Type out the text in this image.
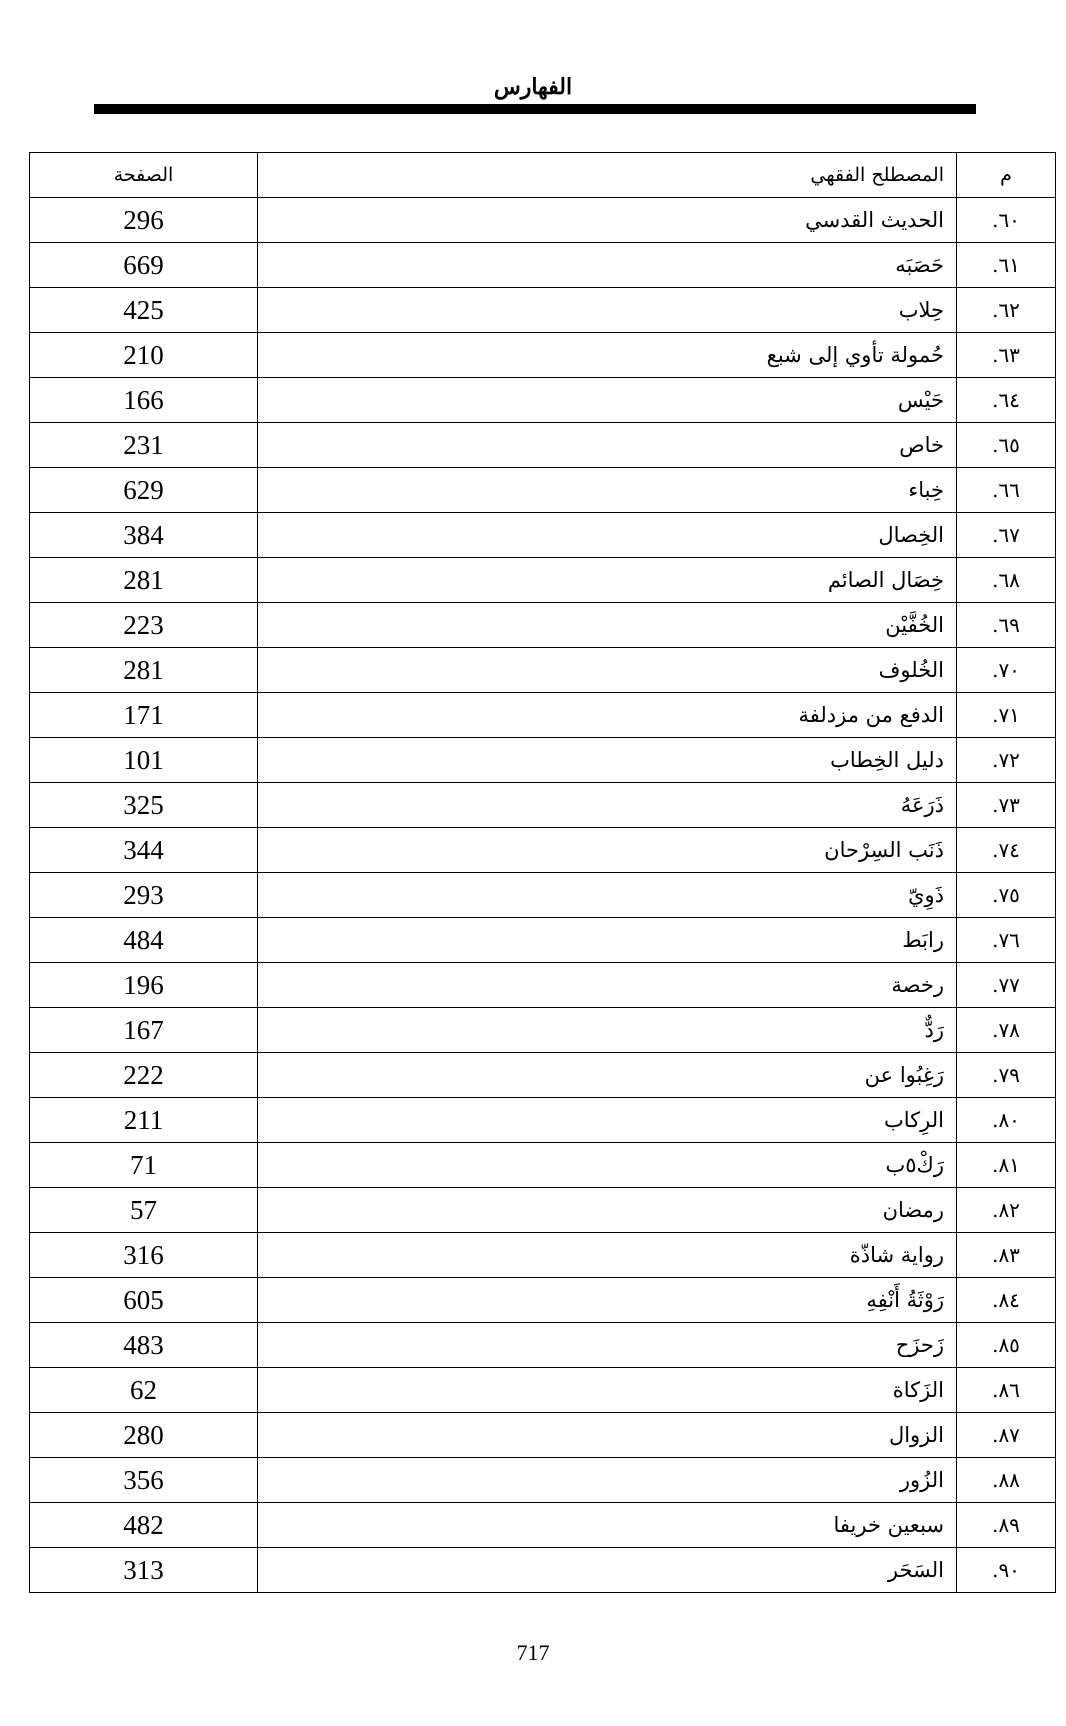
الفهارس
الصفحة	المصطلح الفقهي	م
296	الحديث القدسي	.٦٠
669	حَصَبَه	.٦١
425	حِلاب	.٦٢
210	حُمولة تأوي إلى شبع	.٦٣
166	حَيْس	.٦٤
231	خاص	.٦٥
629	خِباء	.٦٦
384	الخِصال	.٦٧
281	خِصَال الصائم	.٦٨
223	الخُفَّيْن	.٦٩
281	الخُلوف	.٧٠
171	الدفع من مزدلفة	.٧١
101	دليل الخِطاب	.٧٢
325	ذَرَعَهُ	.٧٣
344	ذَنَب السِرْحان	.٧٤
293	ذَوِيّ	.٧٥
484	رابَط	.٧٦
196	رخصة	.٧٧
167	رَدٌّ	.٧٨
222	رَغِبُوا عن	.٧٩
211	الرِكاب	.٨٠
71	رَكْ٥ب	.٨١
57	رمضان	.٨٢
316	رواية شاذّة	.٨٣
605	رَوْثَةُ أَنْفِهِ	.٨٤
483	زَحزَح	.٨٥
62	الزَكاة	.٨٦
280	الزوال	.٨٧
356	الزُور	.٨٨
482	سبعين خريفا	.٨٩
313	السَحَر	.٩٠
717
